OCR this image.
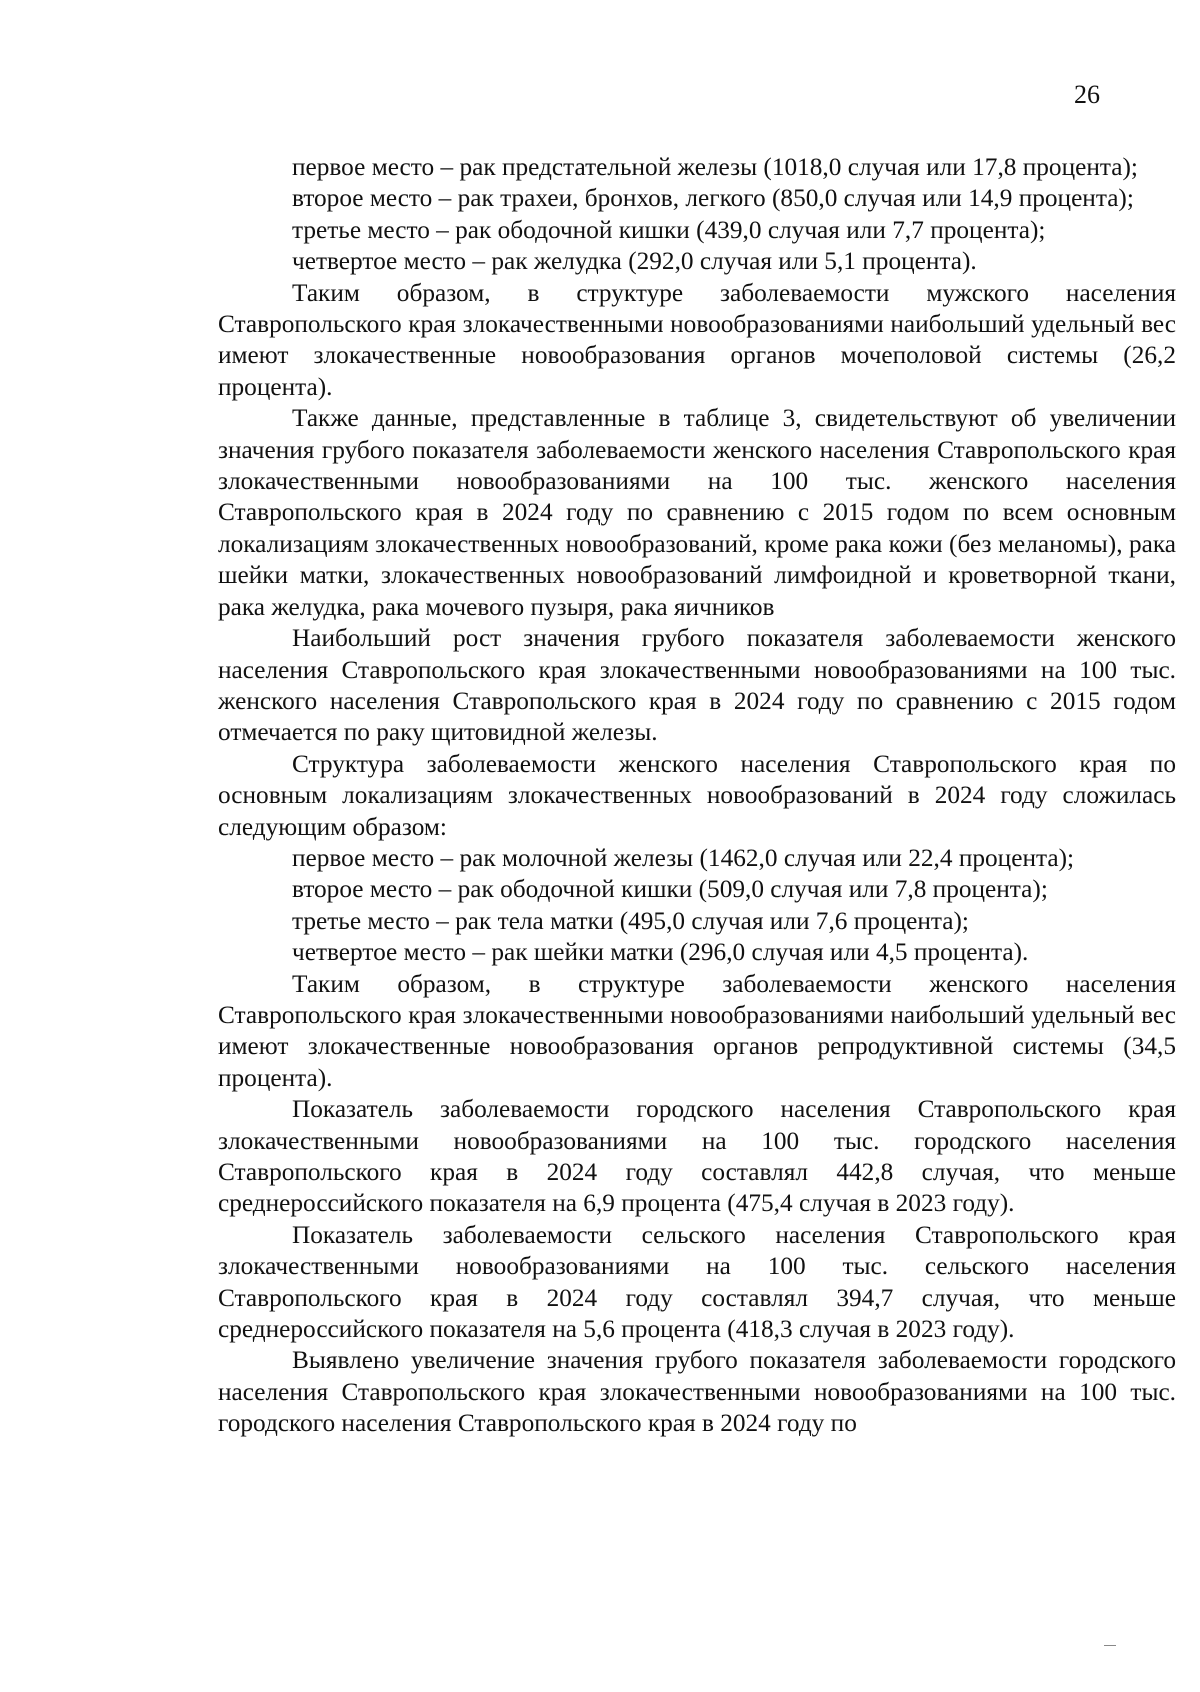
26

первое место – рак предстательной железы (1018,0 случая или 17,8 процента);

второе место – рак трахеи, бронхов, легкого (850,0 случая или 14,9 процента);

третье место – рак ободочной кишки (439,0 случая или 7,7 процента);

четвертое место – рак желудка (292,0 случая или 5,1 процента).

Таким образом, в структуре заболеваемости мужского населения Ставропольского края злокачественными новообразованиями наибольший удельный вес имеют злокачественные новообразования органов мочеполовой системы (26,2 процента).

Также данные, представленные в таблице 3, свидетельствуют об увеличении значения грубого показателя заболеваемости женского населения Ставропольского края злокачественными новообразованиями на 100 тыс. женского населения Ставропольского края в 2024 году по сравнению с 2015 годом по всем основным локализациям злокачественных новообразований, кроме рака кожи (без меланомы), рака шейки матки, злокачественных новообразований лимфоидной и кроветворной ткани, рака желудка, рака мочевого пузыря, рака яичников

Наибольший рост значения грубого показателя заболеваемости женского населения Ставропольского края злокачественными новообразованиями на 100 тыс. женского населения Ставропольского края в 2024 году по сравнению с 2015 годом отмечается по раку щитовидной железы.

Структура заболеваемости женского населения Ставропольского края по основным локализациям злокачественных новообразований в 2024 году сложилась следующим образом:

первое место – рак молочной железы (1462,0 случая или 22,4 процента);

второе место – рак ободочной кишки (509,0 случая или 7,8 процента);

третье место – рак тела матки (495,0 случая или 7,6 процента);

четвертое место – рак шейки матки (296,0 случая или 4,5 процента).

Таким образом, в структуре заболеваемости женского населения Ставропольского края злокачественными новообразованиями наибольший удельный вес имеют злокачественные новообразования органов репродуктивной системы (34,5 процента).

Показатель заболеваемости городского населения Ставропольского края злокачественными новообразованиями на 100 тыс. городского населения Ставропольского края в 2024 году составлял 442,8 случая, что меньше среднероссийского показателя на 6,9 процента (475,4 случая в 2023 году).

Показатель заболеваемости сельского населения Ставропольского края злокачественными новообразованиями на 100 тыс. сельского населения Ставропольского края в 2024 году составлял 394,7 случая, что меньше среднероссийского показателя на 5,6 процента (418,3 случая в 2023 году).

Выявлено увеличение значения грубого показателя заболеваемости городского населения Ставропольского края злокачественными новообразованиями на 100 тыс. городского населения Ставропольского края в 2024 году по
